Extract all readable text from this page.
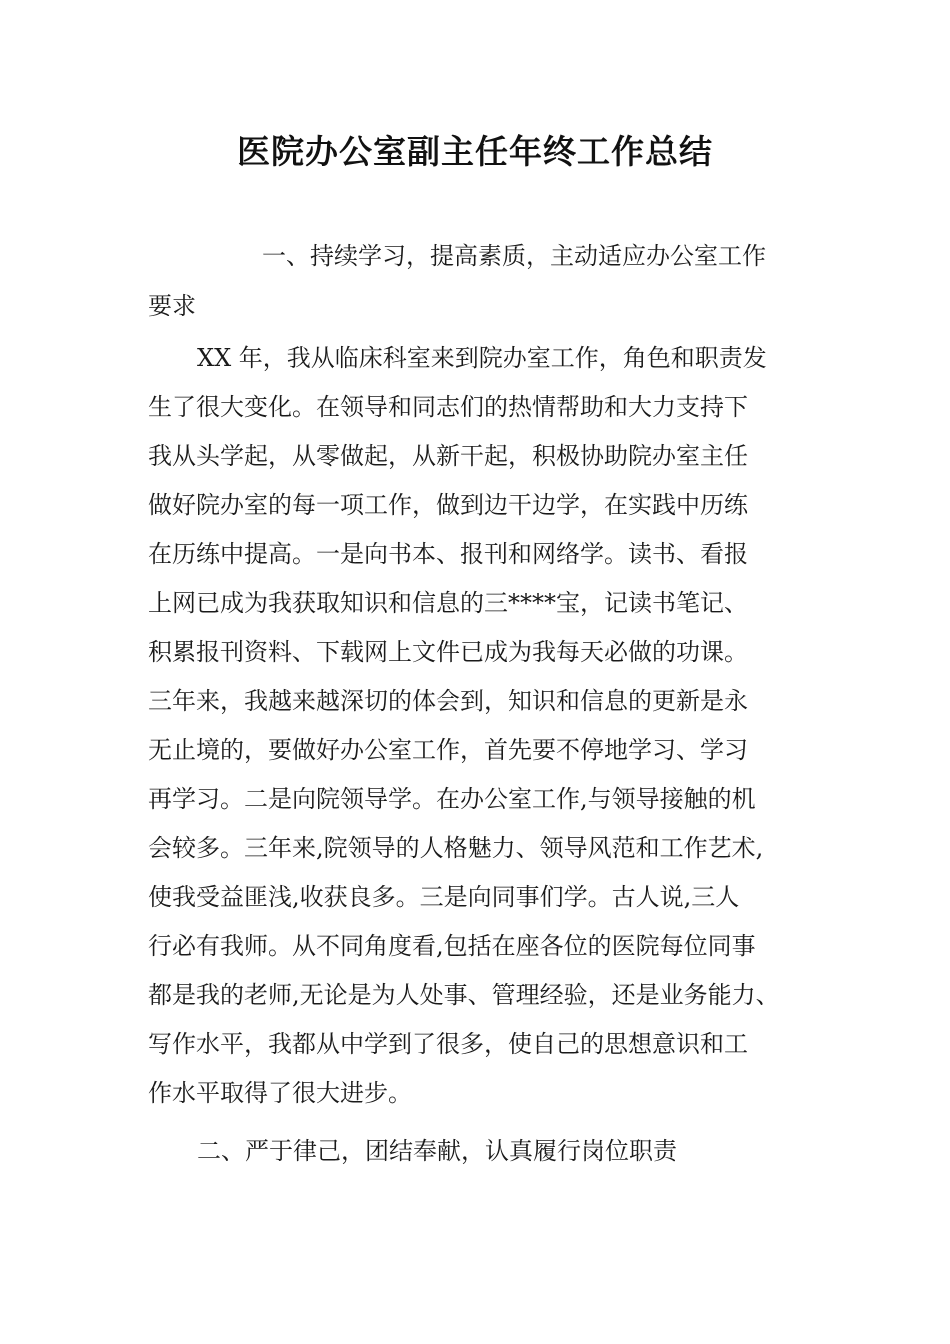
医院办公室副主任年终工作总结
一、持续学习，提高素质，主动适应办公室工作
要求
XX 年，我从临床科室来到院办室工作，角色和职责发
生了很大变化。在领导和同志们的热情帮助和大力支持下
我从头学起，从零做起，从新干起，积极协助院办室主任
做好院办室的每一项工作，做到边干边学，在实践中历练
在历练中提高。一是向书本、报刊和网络学。读书、看报
上网已成为我获取知识和信息的三****宝，记读书笔记、
积累报刊资料、下载网上文件已成为我每天必做的功课。
三年来，我越来越深切的体会到，知识和信息的更新是永
无止境的，要做好办公室工作，首先要不停地学习、学习
再学习。二是向院领导学。在办公室工作,与领导接触的机
会较多。三年来,院领导的人格魅力、领导风范和工作艺术,
使我受益匪浅,收获良多。三是向同事们学。古人说,三人
行必有我师。从不同角度看,包括在座各位的医院每位同事
都是我的老师,无论是为人处事、管理经验，还是业务能力、
写作水平，我都从中学到了很多，使自己的思想意识和工
作水平取得了很大进步。
二、严于律己，团结奉献，认真履行岗位职责
